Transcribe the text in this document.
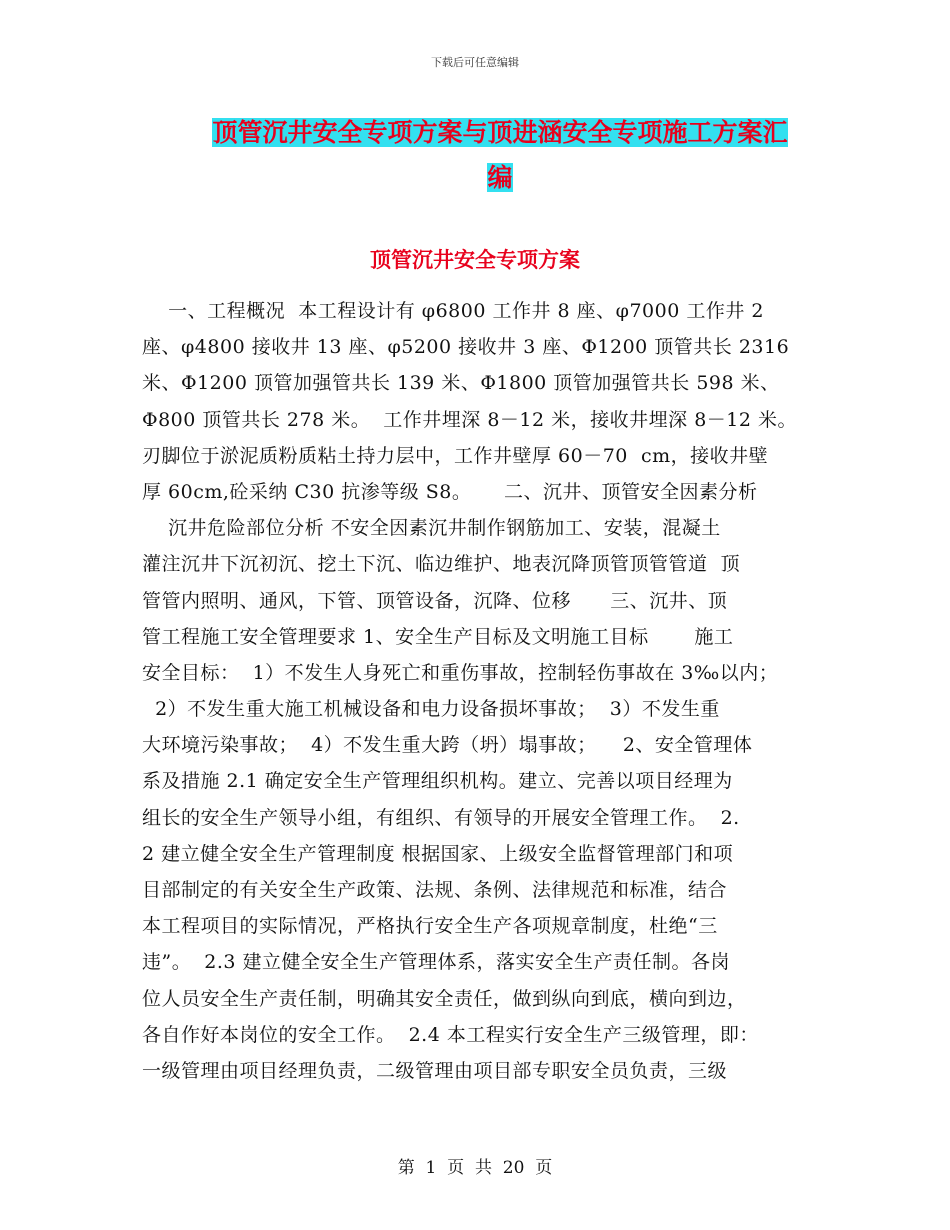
下载后可任意编辑
顶管沉井安全专项方案与顶进涵安全专项施工方案汇
编
顶管沉井安全专项方案
一、工程概况  本工程设计有 φ6800 工作井 8 座、φ7000 工作井 2
座、φ4800 接收井 13 座、φ5200 接收井 3 座、Φ1200 顶管共长 2316
米、Φ1200 顶管加强管共长 139 米、Φ1800 顶管加强管共长 598 米、
Φ800 顶管共长 278 米。  工作井埋深 8－12 米，接收井埋深 8－12 米。
刃脚位于淤泥质粉质粘土持力层中，工作井壁厚 60－70  cm，接收井壁
厚 60cm,砼采纳 C30 抗渗等级 S8。     二、沉井、顶管安全因素分析
沉井危险部位分析 不安全因素沉井制作钢筋加工、安装，混凝土
灌注沉井下沉初沉、挖土下沉、临边维护、地表沉降顶管顶管管道  顶
管管内照明、通风，下管、顶管设备，沉降、位移      三、沉井、顶
管工程施工安全管理要求 1、安全生产目标及文明施工目标       施工
安全目标：  1）不发生人身死亡和重伤事故，控制轻伤事故在 3‰以内；
2）不发生重大施工机械设备和电力设备损坏事故；  3）不发生重
大环境污染事故；  4）不发生重大跨（坍）塌事故；    2、安全管理体
系及措施 2.1 确定安全生产管理组织机构。建立、完善以项目经理为
组长的安全生产领导小组，有组织、有领导的开展安全管理工作。  2.
2 建立健全安全生产管理制度 根据国家、上级安全监督管理部门和项
目部制定的有关安全生产政策、法规、条例、法律规范和标准，结合
本工程项目的实际情况，严格执行安全生产各项规章制度，杜绝“三
违”。  2.3 建立健全安全生产管理体系，落实安全生产责任制。各岗
位人员安全生产责任制，明确其安全责任，做到纵向到底，横向到边，
各自作好本岗位的安全工作。  2.4 本工程实行安全生产三级管理，即：
一级管理由项目经理负责，二级管理由项目部专职安全员负责，三级
第  1  页  共  20  页
